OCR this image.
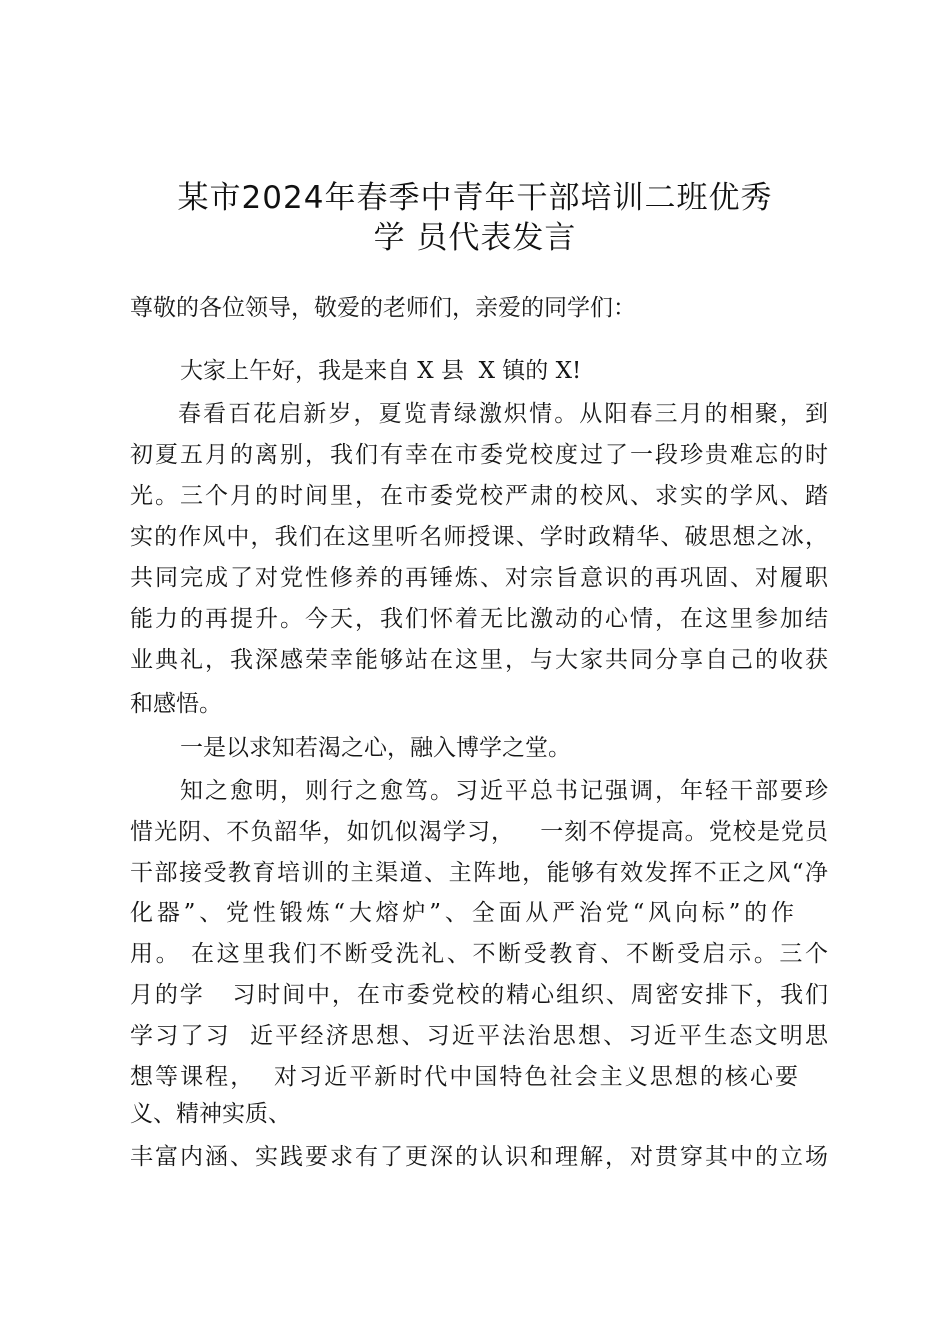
某市2024年春季中青年干部培训二班优秀
学 员代表发言
尊敬的各位领导，敬爱的老师们，亲爱的同学们：
大家上午好，我是来自 X 县  X 镇的 X!
春看百花启新岁，夏览青绿激炽情。从阳春三月的相聚，到
初夏五月的离别，我们有幸在市委党校度过了一段珍贵难忘的时
光。三个月的时间里，在市委党校严肃的校风、求实的学风、踏
实的作风中，我们在这里听名师授课、学时政精华、破思想之冰，
共同完成了对党性修养的再锤炼、对宗旨意识的再巩固、对履职
能力的再提升。今天，我们怀着无比激动的心情，在这里参加结
业典礼，我深感荣幸能够站在这里，与大家共同分享自己的收获
和感悟。
一是以求知若渴之心，融入博学之堂。
知之愈明，则行之愈笃。习近平总书记强调，年轻干部要珍
惜光阴、不负韶华，如饥似渴学习，   一刻不停提高。党校是党员
干部接受教育培训的主渠道、主阵地，能够有效发挥不正之风“净
化器”、党性锻炼“大熔炉”、全面从严治党“风向标”的作
用。 在这里我们不断受洗礼、不断受教育、不断受启示。三个
月的学   习时间中，在市委党校的精心组织、周密安排下，我们
学习了习  近平经济思想、习近平法治思想、习近平生态文明思
想等课程，  对习近平新时代中国特色社会主义思想的核心要
义、精神实质、
丰富内涵、实践要求有了更深的认识和理解，对贯穿其中的立场
